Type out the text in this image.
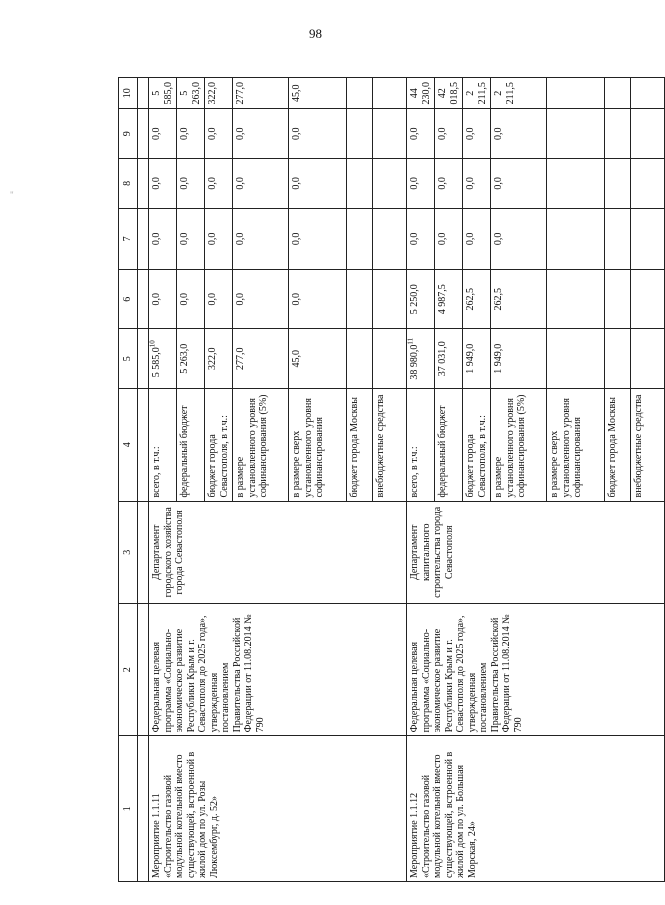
98
"
1	2	3	4	5	6	7	8	9	10

Мероприятие 1.1.11
«Строительство газовой модульной котельной вместо существующей, встроенной в жилой дом по ул. Розы Люксембург, д. 52»	Федеральная целевая программа «Социально-экономическое развитие Республики Крым и г. Севастополя до 2025 года», утвержденная постановлением Правительства Российской Федерации от 11.08.2014 № 790	Департамент городского хозяйства города Севастополя	всего, в т.ч.:	5 585,0$^{10}$	0,0	0,0	0,0	0,0	5 585,0
			федеральный бюджет	5 263,0	0,0	0,0	0,0	0,0	5 263,0
			бюджет города Севастополя, в т.ч.:	322,0	0,0	0,0	0,0	0,0	322,0
			в размере установленного уровня софинансирования (5%)	277,0	0,0	0,0	0,0	0,0	277,0
			в размере сверх установленного уровня софинансирования	45,0	0,0	0,0	0,0	0,0	45,0
			бюджет города Москвы						
			внебюджетные средства						
Мероприятие 1.1.12
«Строительство газовой модульной котельной вместо существующей, встроенной в жилой дом по ул. Большая Морская, 24»	Федеральная целевая программа «Социально-экономическое развитие Республики Крым и г. Севастополя до 2025 года», утвержденная постановлением Правительства Российской Федерации от 11.08.2014 № 790	Департамент капитального строительства города Севастополя	всего, в т.ч.:	38 980,0$^{11}$	5 250,0	0,0	0,0	0,0	44 230,0
			федеральный бюджет	37 031,0	4 987,5	0,0	0,0	0,0	42 018,5
			бюджет города Севастополя, в т.ч.:	1 949,0	262,5	0,0	0,0	0,0	2 211,5
			в размере установленного уровня софинансирования (5%)	1 949,0	262,5	0,0	0,0	0,0	2 211,5
			в размере сверх установленного уровня софинансирования						
			бюджет города Москвы						
			внебюджетные средства						
